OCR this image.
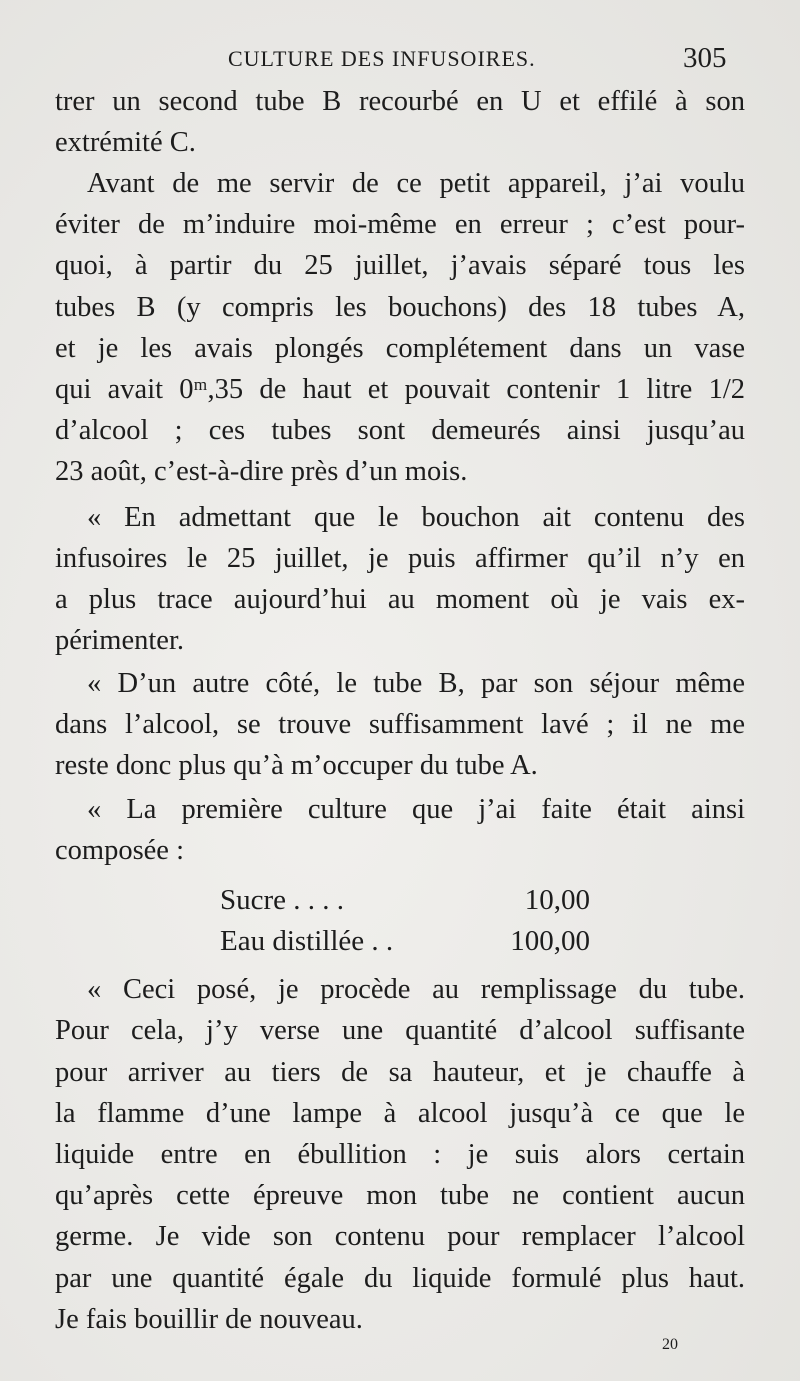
CULTURE DES INFUSOIRES.	305
trer un second tube B recourbé en U et effilé à son
extrémité C.
Avant de me servir de ce petit appareil, j’ai voulu
éviter de m’induire moi-même en erreur ; c’est pour-
quoi, à partir du 25 juillet, j’avais séparé tous les
tubes B (y compris les bouchons) des 18 tubes A,
et je les avais plongés complétement dans un vase
qui avait 0ᵐ,35 de haut et pouvait contenir 1 litre 1/2
d’alcool ; ces tubes sont demeurés ainsi jusqu’au
23 août, c’est-à-dire près d’un mois.
« En admettant que le bouchon ait contenu des
infusoires le 25 juillet, je puis affirmer qu’il n’y en
a plus trace aujourd’hui au moment où je vais ex-
périmenter.
« D’un autre côté, le tube B, par son séjour même
dans l’alcool, se trouve suffisamment lavé ; il ne me
reste donc plus qu’à m’occuper du tube A.
« La première culture que j’ai faite était ainsi
composée :
Sucre . . . .	10,00
Eau distillée . .	100,00
« Ceci posé, je procède au remplissage du tube.
Pour cela, j’y verse une quantité d’alcool suffisante
pour arriver au tiers de sa hauteur, et je chauffe à
la flamme d’une lampe à alcool jusqu’à ce que le
liquide entre en ébullition : je suis alors certain
qu’après cette épreuve mon tube ne contient aucun
germe. Je vide son contenu pour remplacer l’alcool
par une quantité égale du liquide formulé plus haut.
Je fais bouillir de nouveau.
20
